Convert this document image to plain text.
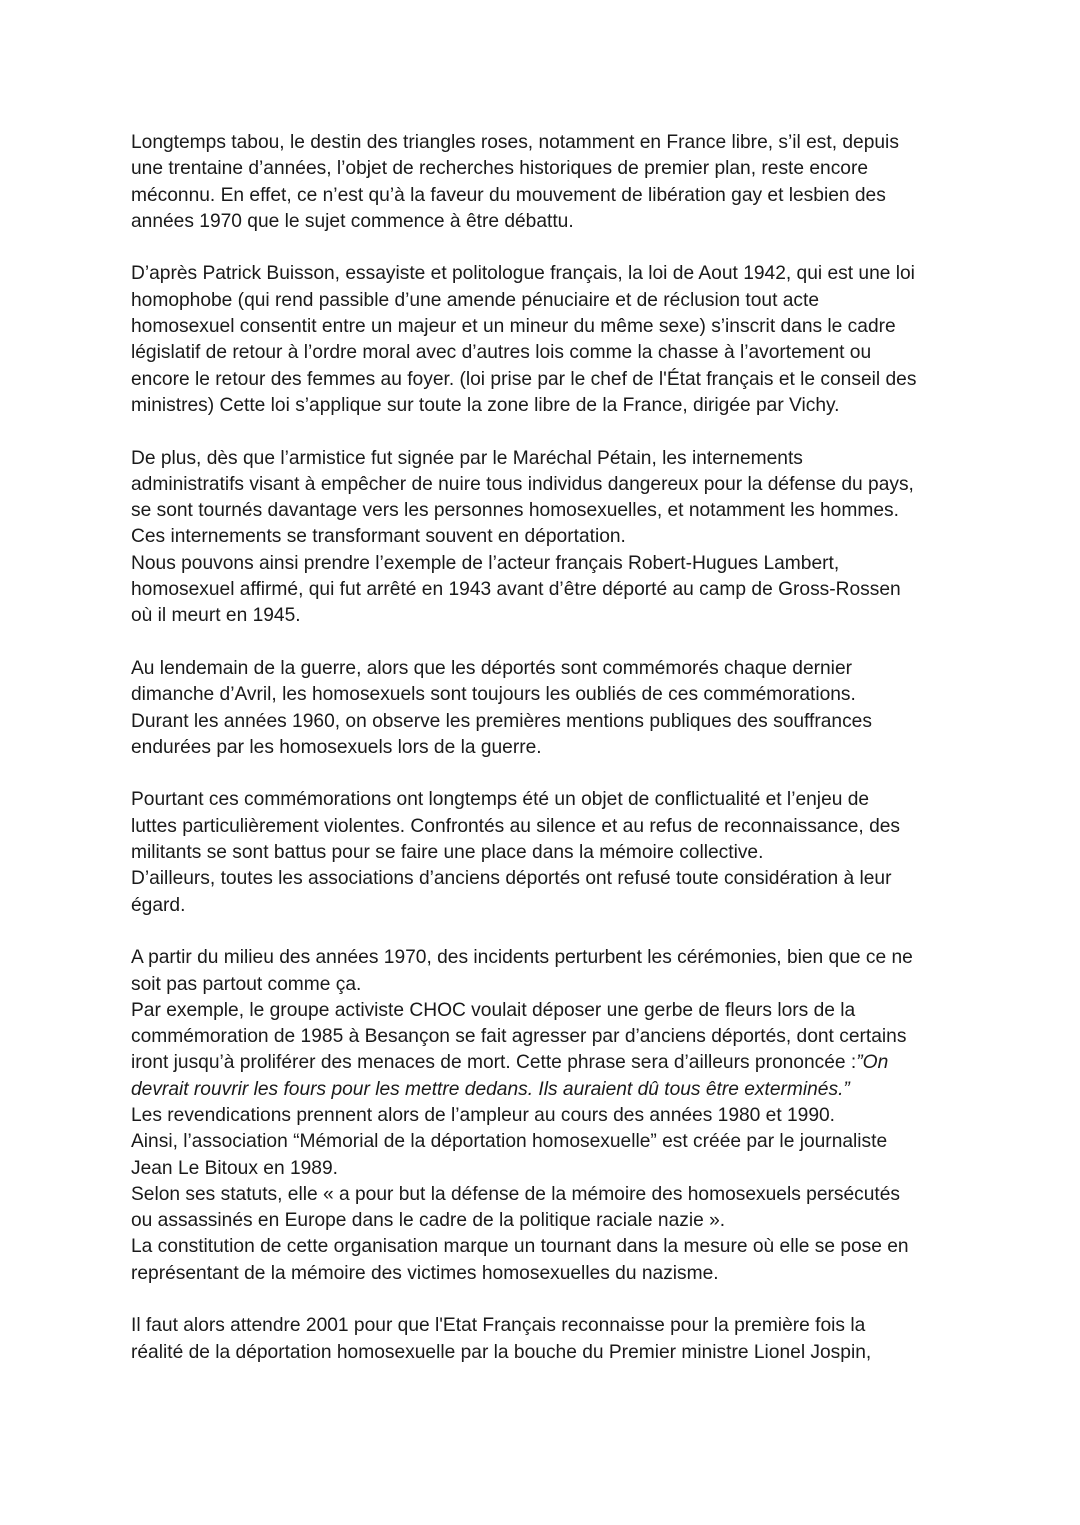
Longtemps tabou, le destin des triangles roses, notamment en France libre, s’il est, depuis
une trentaine d’années, l’objet de recherches historiques de premier plan, reste encore
méconnu. En effet, ce n’est qu’à la faveur du mouvement de libération gay et lesbien des
années 1970 que le sujet commence à être débattu.

D’après Patrick Buisson, essayiste et politologue français, la loi de Aout 1942, qui est une loi
homophobe (qui rend passible d’une amende pénuciaire et de réclusion tout acte
homosexuel consentit entre un majeur et un mineur du même sexe) s’inscrit dans le cadre
législatif de retour à l’ordre moral avec d’autres lois comme la chasse à l’avortement ou
encore le retour des femmes au foyer. (loi prise par le chef de l'État français et le conseil des
ministres) Cette loi s’applique sur toute la zone libre de la France, dirigée par Vichy.

De plus, dès que l’armistice fut signée par le Maréchal Pétain, les internements
administratifs visant à empêcher de nuire tous individus dangereux pour la défense du pays,
se sont tournés davantage vers les personnes homosexuelles, et notamment les hommes.
Ces internements se transformant souvent en déportation.
Nous pouvons ainsi prendre l’exemple de l’acteur français Robert-Hugues Lambert,
homosexuel affirmé, qui fut arrêté en 1943 avant d’être déporté au camp de Gross-Rossen
où il meurt en 1945.

Au lendemain de la guerre, alors que les déportés sont commémorés chaque dernier
dimanche d’Avril, les homosexuels sont toujours les oubliés de ces commémorations.
Durant les années 1960, on observe les premières mentions publiques des souffrances
endurées par les homosexuels lors de la guerre.

Pourtant ces commémorations ont longtemps été un objet de conflictualité et l’enjeu de
luttes particulièrement violentes. Confrontés au silence et au refus de reconnaissance, des
militants se sont battus pour se faire une place dans la mémoire collective.
D’ailleurs, toutes les associations d’anciens déportés ont refusé toute considération à leur
égard.

A partir du milieu des années 1970, des incidents perturbent les cérémonies, bien que ce ne
soit pas partout comme ça.
Par exemple, le groupe activiste CHOC voulait déposer une gerbe de fleurs lors de la
commémoration de 1985 à Besançon se fait agresser par d’anciens déportés, dont certains
iront jusqu’à proliférer des menaces de mort. Cette phrase sera d’ailleurs prononcée :”On
devrait rouvrir les fours pour les mettre dedans. Ils auraient dû tous être exterminés.”
Les revendications prennent alors de l’ampleur au cours des années 1980 et 1990.
Ainsi, l’association “Mémorial de la déportation homosexuelle” est créée par le journaliste
Jean Le Bitoux en 1989.
Selon ses statuts, elle « a pour but la défense de la mémoire des homosexuels persécutés
ou assassinés en Europe dans le cadre de la politique raciale nazie ».
La constitution de cette organisation marque un tournant dans la mesure où elle se pose en
représentant de la mémoire des victimes homosexuelles du nazisme.

Il faut alors attendre 2001 pour que l'Etat Français reconnaisse pour la première fois la
réalité de la déportation homosexuelle par la bouche du Premier ministre Lionel Jospin,
